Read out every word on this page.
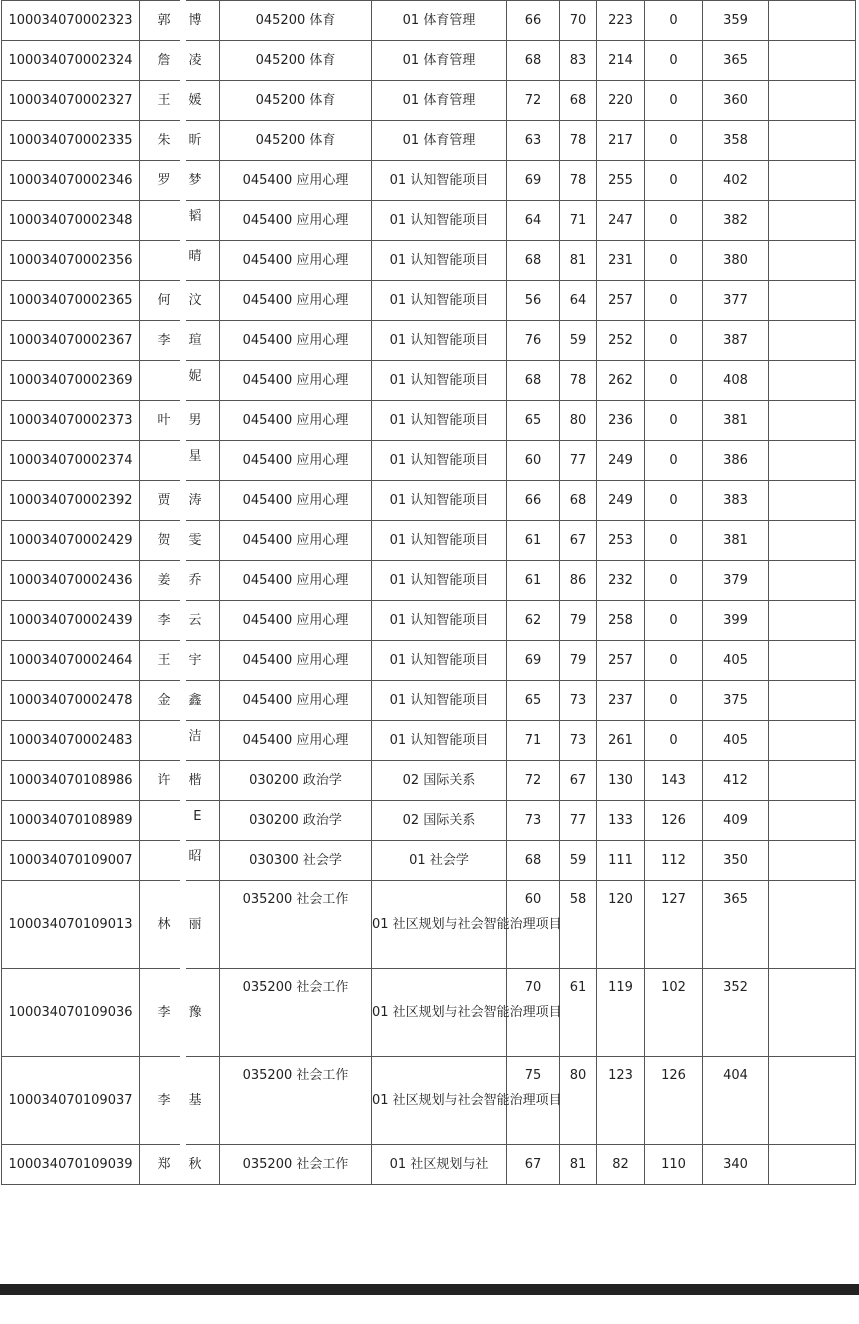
100034070002323	郭 博	045200 体育	01 体育管理	66	70	223	0	359	
100034070002324	詹 凌	045200 体育	01 体育管理	68	83	214	0	365	
100034070002327	王 媛	045200 体育	01 体育管理	72	68	220	0	360	
100034070002335	朱 昕	045200 体育	01 体育管理	63	78	217	0	358	
100034070002346	罗 梦	045400 应用心理	01 认知智能项目	69	78	255	0	402	
100034070002348	韬	045400 应用心理	01 认知智能项目	64	71	247	0	382	
100034070002356	晴	045400 应用心理	01 认知智能项目	68	81	231	0	380	
100034070002365	何 汶	045400 应用心理	01 认知智能项目	56	64	257	0	377	
100034070002367	李 瑄	045400 应用心理	01 认知智能项目	76	59	252	0	387	
100034070002369	妮	045400 应用心理	01 认知智能项目	68	78	262	0	408	
100034070002373	叶 男	045400 应用心理	01 认知智能项目	65	80	236	0	381	
100034070002374	星	045400 应用心理	01 认知智能项目	60	77	249	0	386	
100034070002392	贾 涛	045400 应用心理	01 认知智能项目	66	68	249	0	383	
100034070002429	贺 雯	045400 应用心理	01 认知智能项目	61	67	253	0	381	
100034070002436	姜 乔	045400 应用心理	01 认知智能项目	61	86	232	0	379	
100034070002439	李 云	045400 应用心理	01 认知智能项目	62	79	258	0	399	
100034070002464	王 宇	045400 应用心理	01 认知智能项目	69	79	257	0	405	
100034070002478	金 鑫	045400 应用心理	01 认知智能项目	65	73	237	0	375	
100034070002483	洁	045400 应用心理	01 认知智能项目	71	73	261	0	405	
100034070108986	许 楷	030200 政治学	02 国际关系	72	67	130	143	412	
100034070108989	E	030200 政治学	02 国际关系	73	77	133	126	409	
100034070109007	昭	030300 社会学	01 社会学	68	59	111	112	350	
100034070109013	林 丽	035200 社会工作	01 社区规划与社会智能治理项目	60	58	120	127	365	
100034070109036	李 豫	035200 社会工作	01 社区规划与社会智能治理项目	70	61	119	102	352	
100034070109037	李 基	035200 社会工作	01 社区规划与社会智能治理项目	75	80	123	126	404	
100034070109039	郑 秋	035200 社会工作	01 社区规划与社	67	81	82	110	340	
